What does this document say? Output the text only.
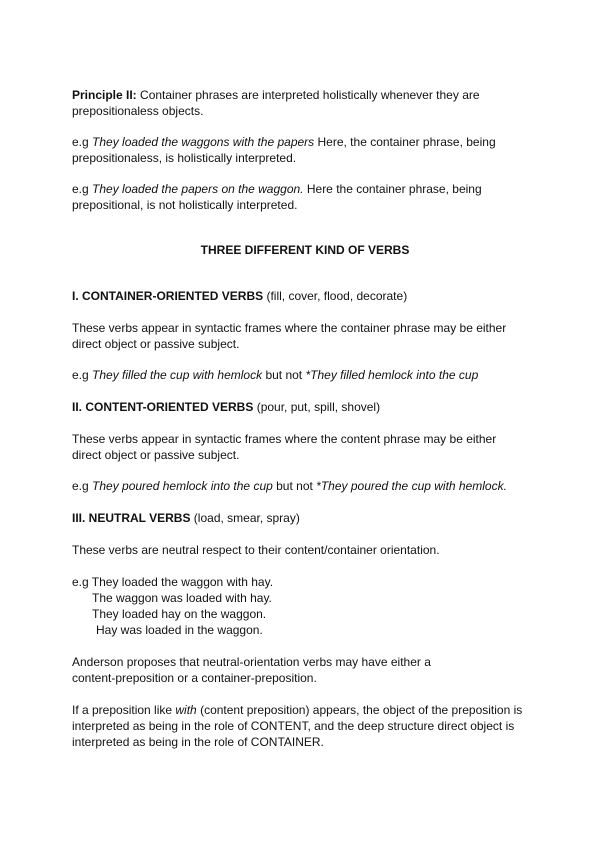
Principle II: Container phrases are interpreted holistically whenever they are
prepositionaless objects.

e.g They loaded the waggons with the papers Here, the container phrase, being
prepositionaless, is holistically interpreted.

e.g They loaded the papers on the waggon. Here the container phrase, being
prepositional, is not holistically interpreted.

THREE DIFFERENT KIND OF VERBS

I. CONTAINER-ORIENTED VERBS (fill, cover, flood, decorate)

These verbs appear in syntactic frames where the container phrase may be either
direct object or passive subject.

e.g They filled the cup with hemlock but not *They filled hemlock into the cup

II. CONTENT-ORIENTED VERBS (pour, put, spill, shovel)

These verbs appear in syntactic frames where the content phrase may be either
direct object or passive subject.

e.g They poured hemlock into the cup but not *They poured the cup with hemlock.

III. NEUTRAL VERBS (load, smear, spray)

These verbs are neutral respect to their content/container orientation.

e.g They loaded the waggon with hay.
The waggon was loaded with hay.
They loaded hay on the waggon.
Hay was loaded in the waggon.

Anderson proposes that neutral-orientation verbs may have either a
content-preposition or a container-preposition.

If a preposition like with (content preposition) appears, the object of the preposition is
interpreted as being in the role of CONTENT, and the deep structure direct object is
interpreted as being in the role of CONTAINER.
